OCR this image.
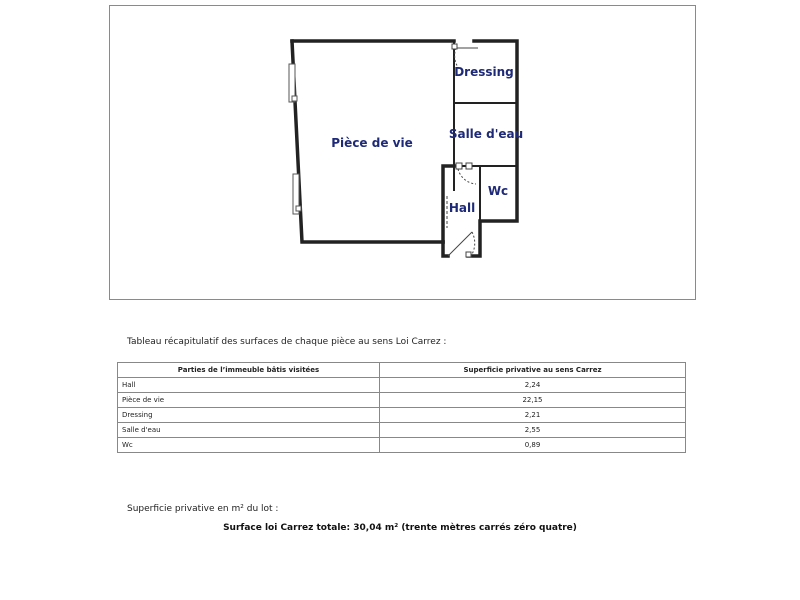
Pièce de vie
Dressing
Salle d'eau
Wc
Hall
Tableau récapitulatif des surfaces de chaque pièce au sens Loi Carrez :
Parties de l’immeuble bâtis visitées	Superficie privative au sens Carrez
Hall	2,24
Pièce de vie	22,15
Dressing	2,21
Salle d'eau	2,55
Wc	0,89
Superficie privative en m² du lot :
Surface loi Carrez totale: 30,04 m² (trente mètres carrés zéro quatre)
